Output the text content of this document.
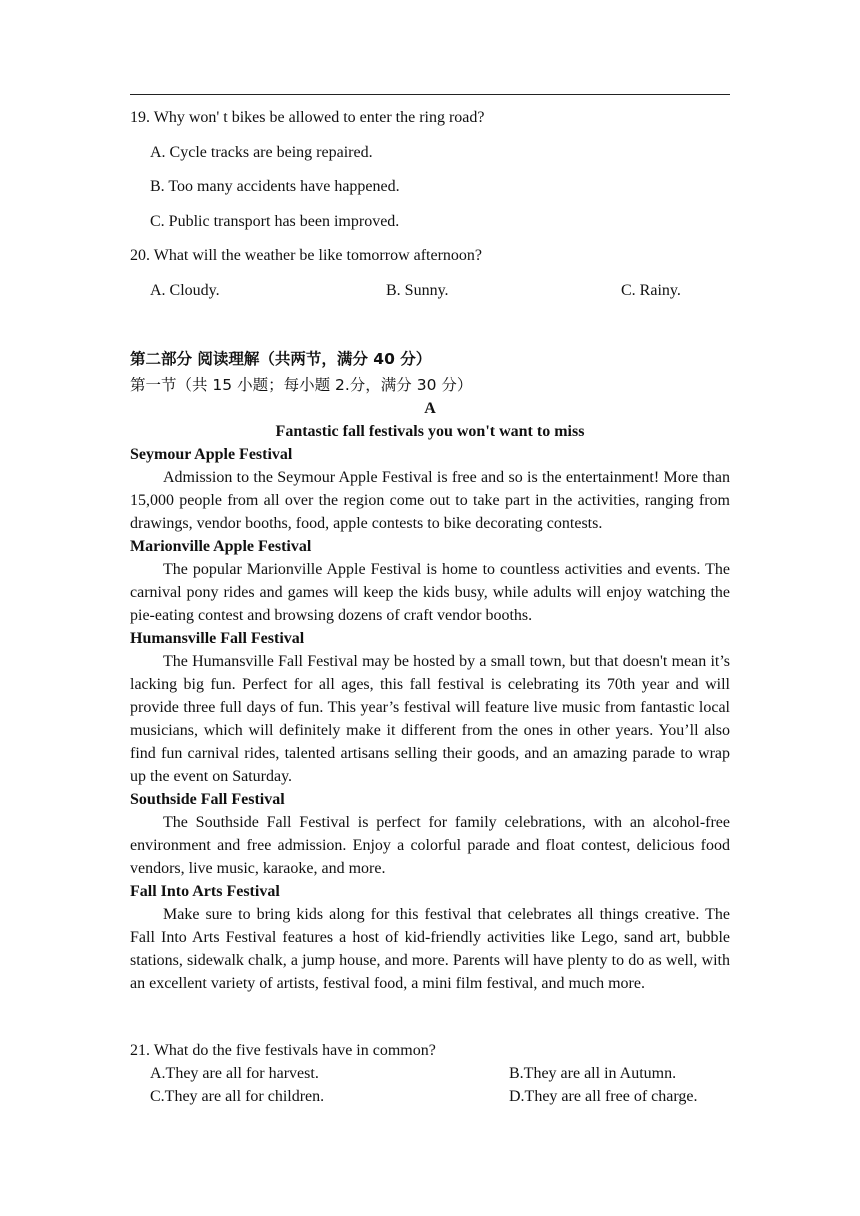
19. Why won' t bikes be allowed to enter the ring road?
A. Cycle tracks are being repaired.
B. Too many accidents have happened.
C. Public transport has been improved.
20. What will the weather be like tomorrow afternoon?
A. Cloudy.	B. Sunny.	C. Rainy.
第二部分 阅读理解（共两节，满分 40 分）
第一节（共 15 小题；每小题 2.分，满分 30 分）
A
Fantastic fall festivals you won't want to miss
Seymour Apple Festival

Admission to the Seymour Apple Festival is free and so is the entertainment! More than 15,000 people from all over the region come out to take part in the activities, ranging from drawings, vendor booths, food, apple contests to bike decorating contests.

Marionville Apple Festival

The popular Marionville Apple Festival is home to countless activities and events. The carnival pony rides and games will keep the kids busy, while adults will enjoy watching the pie-eating contest and browsing dozens of craft vendor booths.

Humansville Fall Festival

The Humansville Fall Festival may be hosted by a small town, but that doesn't mean it’s lacking big fun. Perfect for all ages, this fall festival is celebrating its 70th year and will provide three full days of fun. This year’s festival will feature live music from fantastic local musicians, which will definitely make it different from the ones in other years. You’ll also find fun carnival rides, talented artisans selling their goods, and an amazing parade to wrap up the event on Saturday.

Southside Fall Festival

The Southside Fall Festival is perfect for family celebrations, with an alcohol-free environment and free admission. Enjoy a colorful parade and float contest, delicious food vendors, live music, karaoke, and more.

Fall Into Arts Festival

Make sure to bring kids along for this festival that celebrates all things creative. The Fall Into Arts Festival features a host of kid-friendly activities like Lego, sand art, bubble stations, sidewalk chalk, a jump house, and more. Parents will have plenty to do as well, with an excellent variety of artists, festival food, a mini film festival, and much more.

21. What do the five festivals have in common?
A.They are all for harvest.	B.They are all in Autumn.
C.They are all for children.	D.They are all free of charge.
